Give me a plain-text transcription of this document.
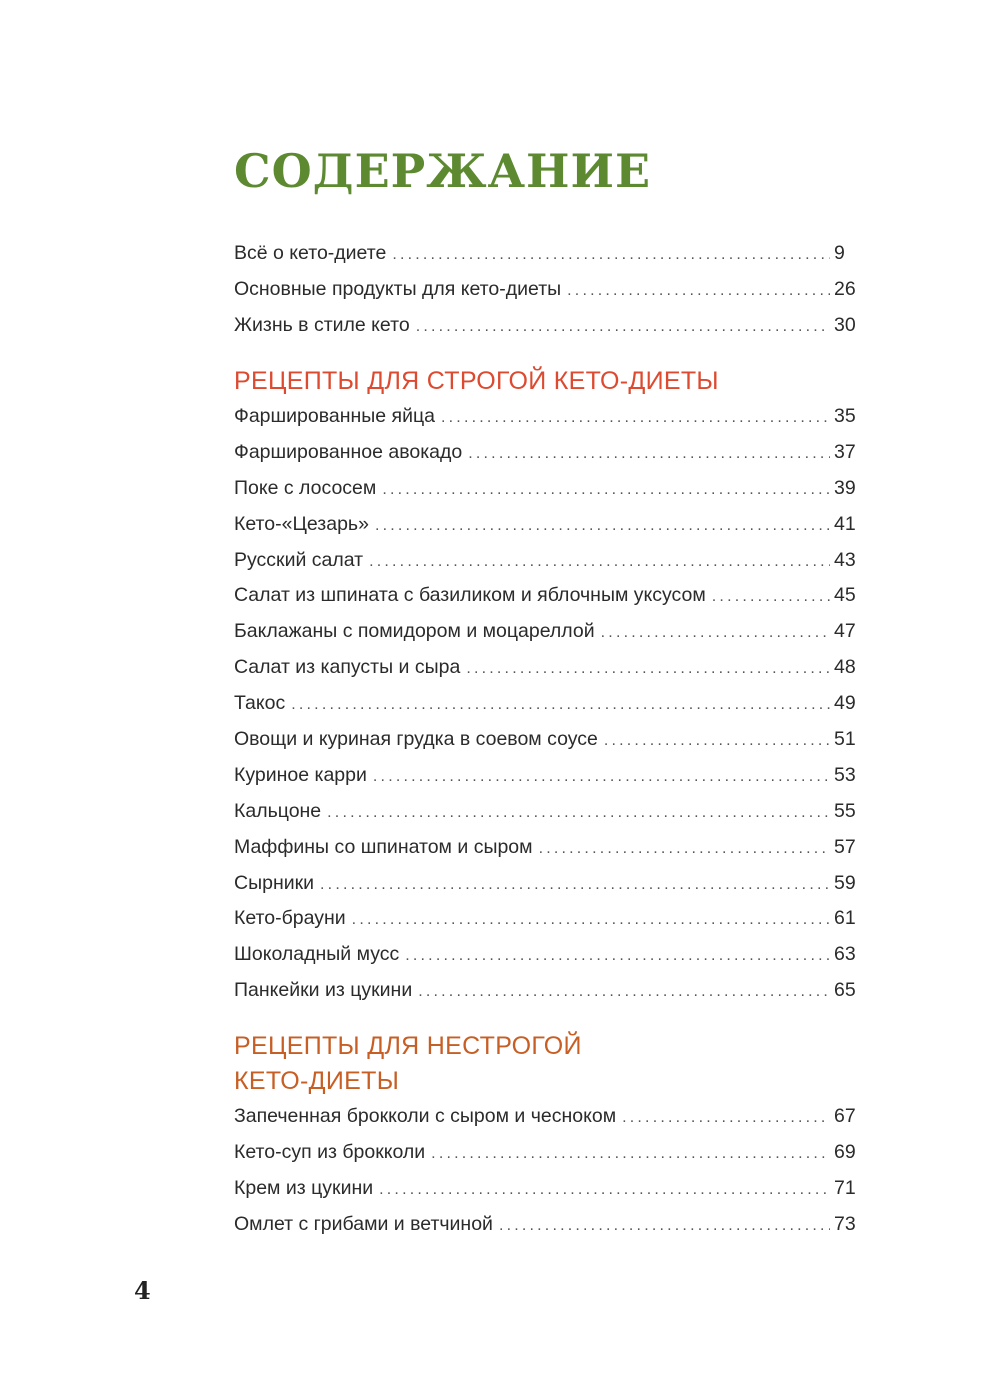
СОДЕРЖАНИЕ
Всё о кето-диете .....	9
Основные продукты для кето-диеты .....	26
Жизнь в стиле кето .....	30
РЕЦЕПТЫ ДЛЯ СТРОГОЙ КЕТО-ДИЕТЫ
Фаршированные яйца .....	35
Фаршированное авокадо .....	37
Поке с лососем .....	39
Кето-«Цезарь» .....	41
Русский салат .....	43
Салат из шпината с базиликом и яблочным уксусом .....	45
Баклажаны с помидором и моцареллой .....	47
Салат из капусты и сыра .....	48
Такос .....	49
Овощи и куриная грудка в соевом соусе .....	51
Куриное карри .....	53
Кальцоне .....	55
Маффины со шпинатом и сыром .....	57
Сырники .....	59
Кето-брауни .....	61
Шоколадный мусс .....	63
Панкейки из цукини .....	65
РЕЦЕПТЫ ДЛЯ НЕСТРОГОЙ
КЕТО-ДИЕТЫ
Запеченная брокколи с сыром и чесноком .....	67
Кето-суп из брокколи .....	69
Крем из цукини .....	71
Омлет с грибами и ветчиной .....	73
4
